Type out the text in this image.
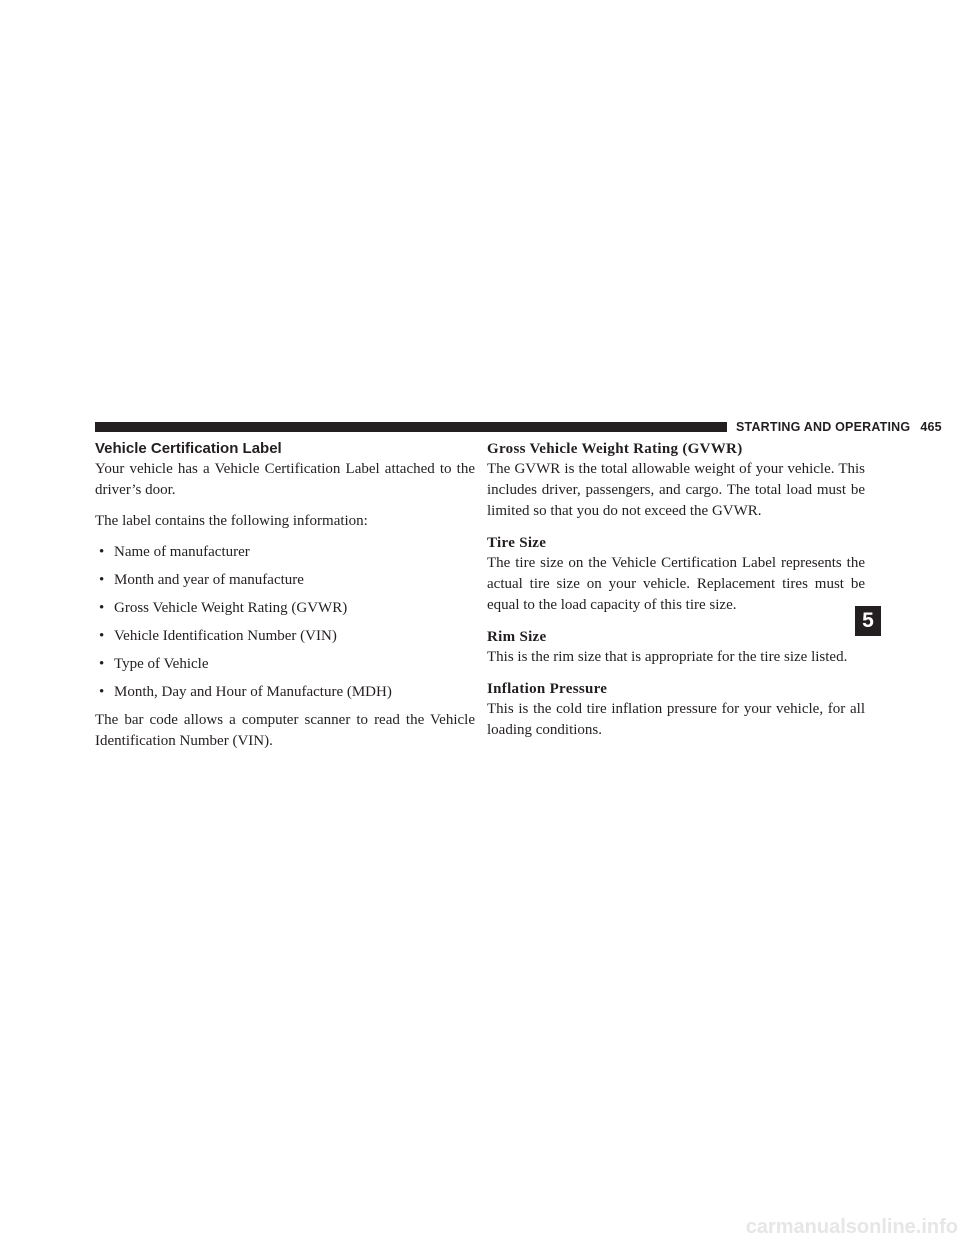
STARTING AND OPERATING 465
Vehicle Certification Label

Your vehicle has a Vehicle Certification Label attached to the driver’s door.

The label contains the following information:

• Name of manufacturer
• Month and year of manufacture
• Gross Vehicle Weight Rating (GVWR)
• Vehicle Identification Number (VIN)
• Type of Vehicle
• Month, Day and Hour of Manufacture (MDH)

The bar code allows a computer scanner to read the Vehicle Identification Number (VIN).

Gross Vehicle Weight Rating (GVWR)

The GVWR is the total allowable weight of your vehicle. This includes driver, passengers, and cargo. The total load must be limited so that you do not exceed the GVWR.

Tire Size

The tire size on the Vehicle Certification Label represents the actual tire size on your vehicle. Replacement tires must be equal to the load capacity of this tire size.

Rim Size

This is the rim size that is appropriate for the tire size listed.

Inflation Pressure

This is the cold tire inflation pressure for your vehicle, for all loading conditions.

5
carmanualsonline.info
